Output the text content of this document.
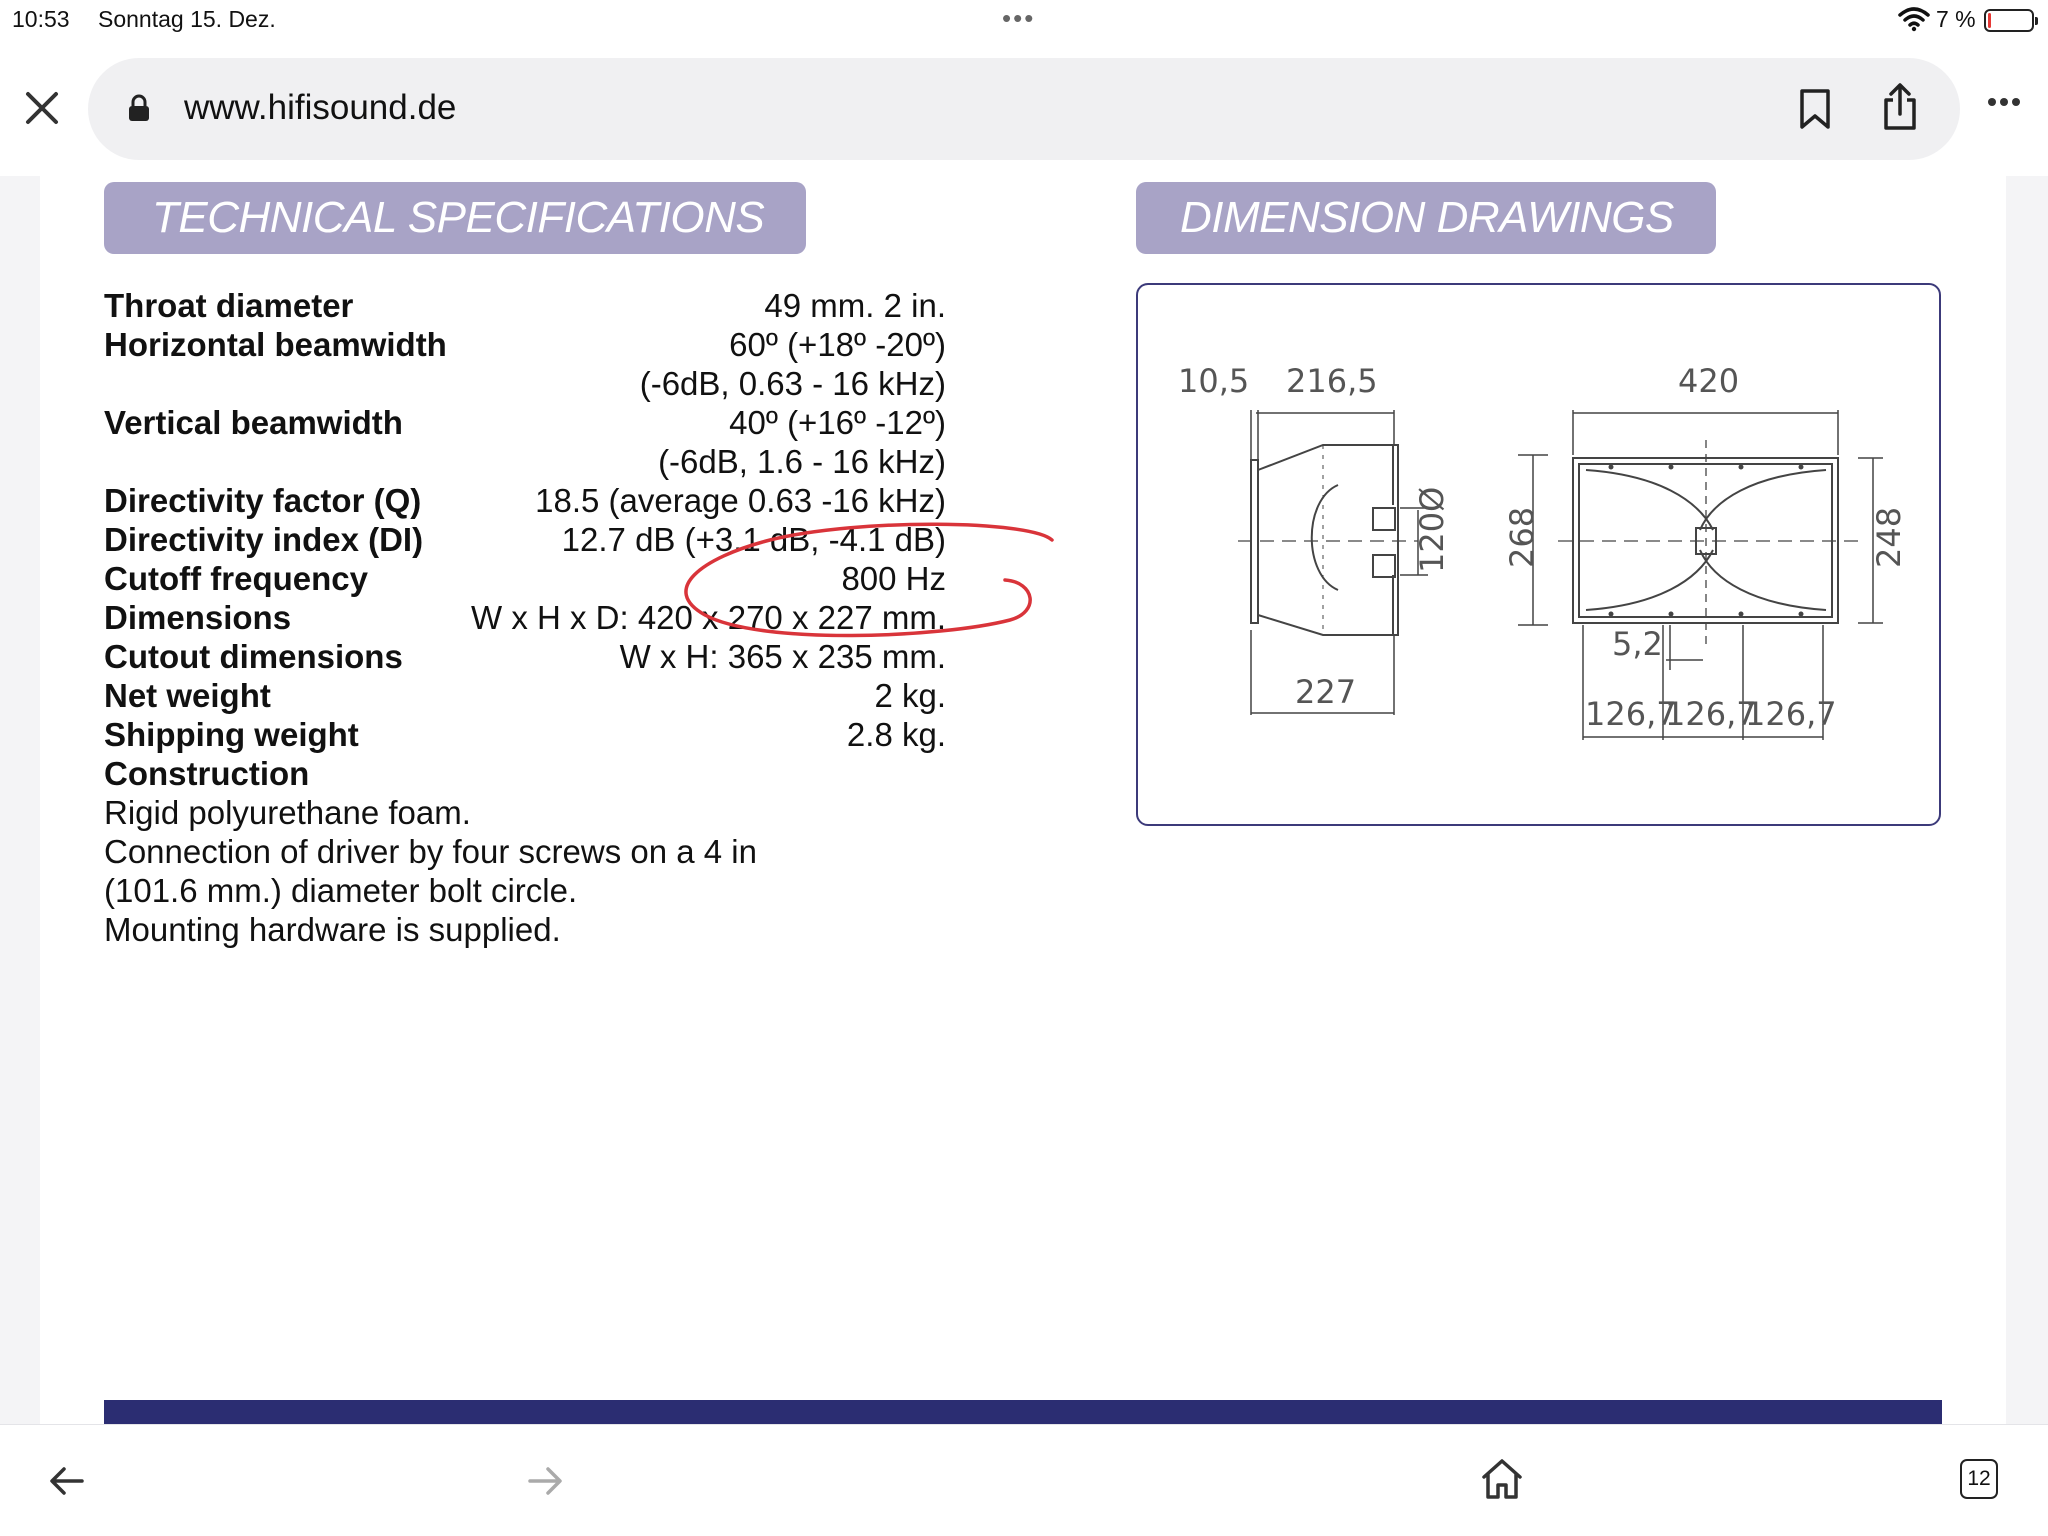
10:53 Sonntag 15. Dez.	•••	7 %
www.hifisound.de
TECHNICAL SPECIFICATIONS	DIMENSION DRAWINGS
Throat diameter	49 mm. 2 in.
Horizontal beamwidth	60º (+18º -20º)
(-6dB, 0.63 - 16 kHz)
Vertical beamwidth	40º (+16º -12º)
(-6dB, 1.6 - 16 kHz)
Directivity factor (Q)	18.5 (average 0.63 -16 kHz)
Directivity index (DI)	12.7 dB (+3.1 dB, -4.1 dB)
Cutoff frequency	800 Hz
Dimensions	W x H x D: 420 x 270 x 227 mm.
Cutout dimensions	W x H: 365 x 235 mm.
Net weight	2 kg.
Shipping weight	2.8 kg.
Construction
Rigid polyurethane foam.
Connection of driver by four screws on a 4 in
(101.6 mm.) diameter bolt circle.
Mounting hardware is supplied.
10,5 216,5	420
120Ø 268	248
227
5,2
126,7
126,7
126,7
12
